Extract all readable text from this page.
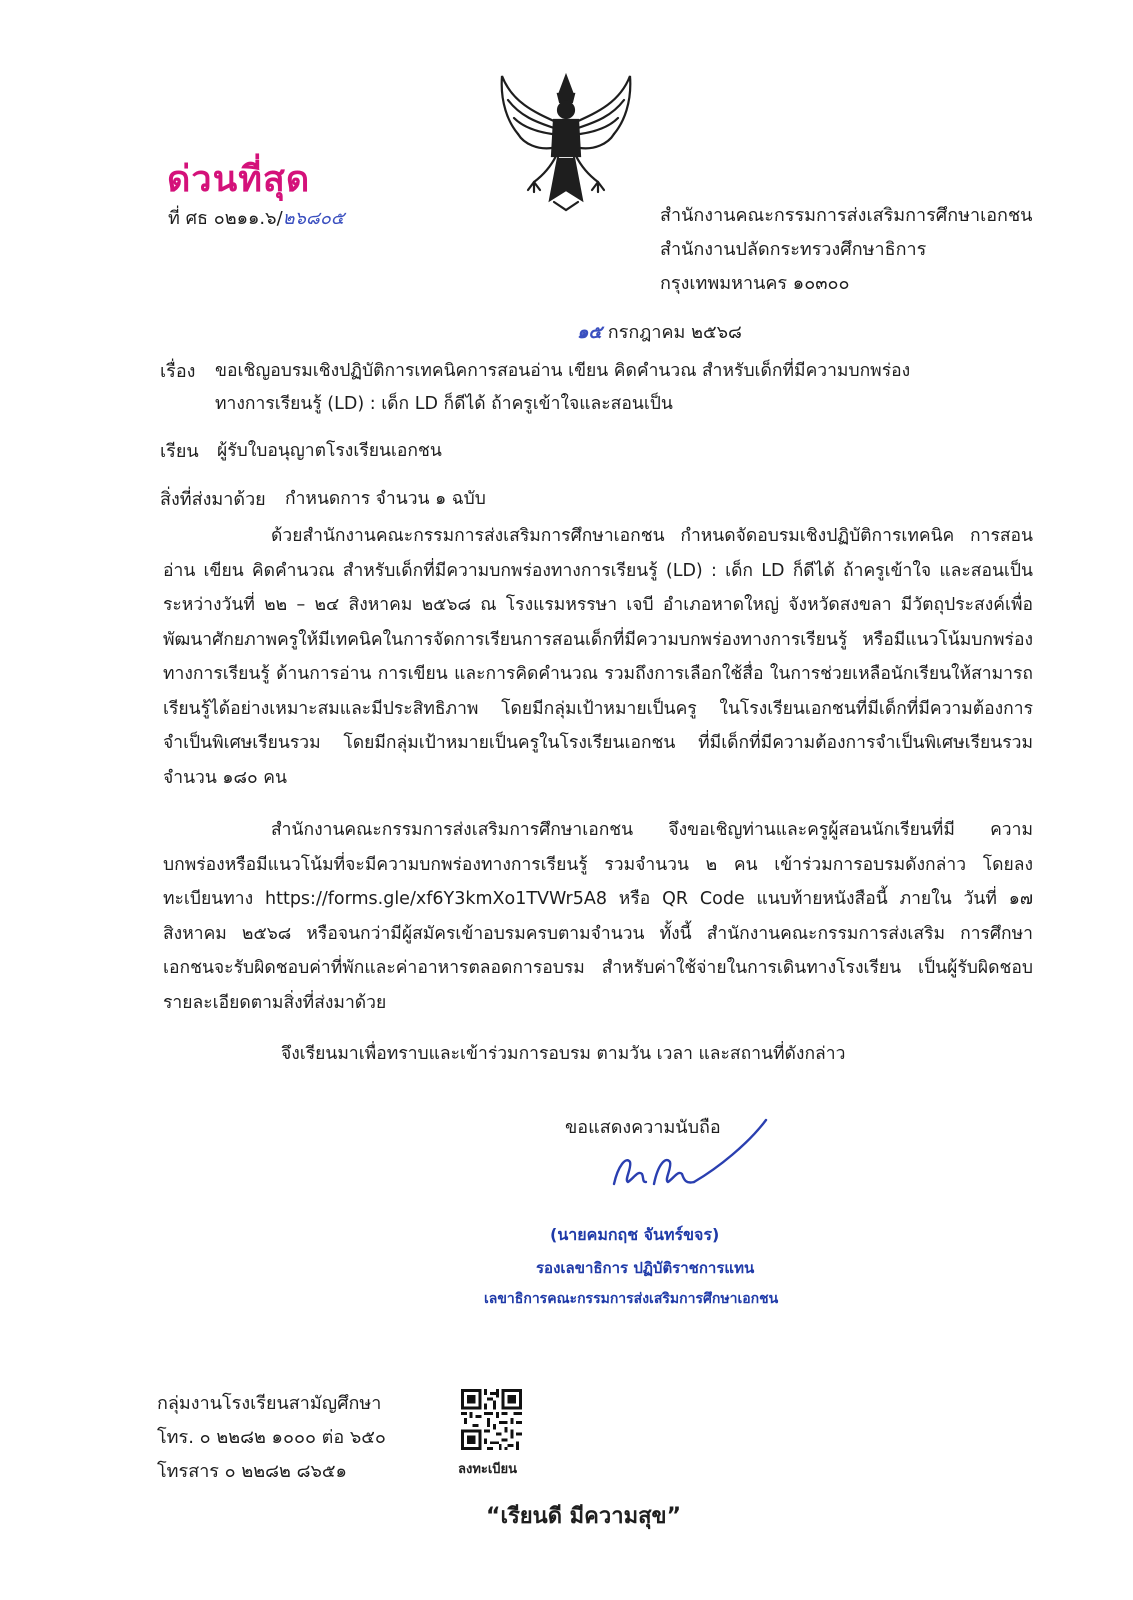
ด่วนที่สุด
ที่ ศธ ๐๒๑๑.๖/๒๖๘๐๕	สำนักงานคณะกรรมการส่งเสริมการศึกษาเอกชน
สำนักงานปลัดกระทรวงศึกษาธิการ
กรุงเทพมหานคร ๑๐๓๐๐
๑๕ กรกฎาคม ๒๕๖๘
เรื่อง ขอเชิญอบรมเชิงปฏิบัติการเทคนิคการสอนอ่าน เขียน คิดคำนวณ สำหรับเด็กที่มีความบกพร่อง
ทางการเรียนรู้ (LD) : เด็ก LD ก็ดีได้ ถ้าครูเข้าใจและสอนเป็น
เรียน ผู้รับใบอนุญาตโรงเรียนเอกชน
สิ่งที่ส่งมาด้วย กำหนดการ จำนวน ๑ ฉบับ
ด้วยสำนักงานคณะกรรมการส่งเสริมการศึกษาเอกชน กำหนดจัดอบรมเชิงปฏิบัติการเทคนิค การสอนอ่าน เขียน คิดคำนวณ สำหรับเด็กที่มีความบกพร่องทางการเรียนรู้ (LD) : เด็ก LD ก็ดีได้ ถ้าครูเข้าใจ และสอนเป็น ระหว่างวันที่ ๒๒ – ๒๔ สิงหาคม ๒๕๖๘ ณ โรงแรมหรรษา เจบี อำเภอหาดใหญ่ จังหวัดสงขลา มีวัตถุประสงค์เพื่อพัฒนาศักยภาพครูให้มีเทคนิคในการจัดการเรียนการสอนเด็กที่มีความบกพร่องทางการเรียนรู้ หรือมีแนวโน้มบกพร่องทางการเรียนรู้ ด้านการอ่าน การเขียน และการคิดคำนวณ รวมถึงการเลือกใช้สื่อ ในการช่วยเหลือนักเรียนให้สามารถเรียนรู้ได้อย่างเหมาะสมและมีประสิทธิภาพ โดยมีกลุ่มเป้าหมายเป็นครู ในโรงเรียนเอกชนที่มีเด็กที่มีความต้องการจำเป็นพิเศษเรียนรวม โดยมีกลุ่มเป้าหมายเป็นครูในโรงเรียนเอกชน ที่มีเด็กที่มีความต้องการจำเป็นพิเศษเรียนรวม จำนวน ๑๘๐ คน
สำนักงานคณะกรรมการส่งเสริมการศึกษาเอกชน จึงขอเชิญท่านและครูผู้สอนนักเรียนที่มี ความบกพร่องหรือมีแนวโน้มที่จะมีความบกพร่องทางการเรียนรู้ รวมจำนวน ๒ คน เข้าร่วมการอบรมดังกล่าว โดยลงทะเบียนทาง https://forms.gle/xf6Y3kmXo1TVWr5A8 หรือ QR Code แนบท้ายหนังสือนี้ ภายใน วันที่ ๑๗ สิงหาคม ๒๕๖๘ หรือจนกว่ามีผู้สมัครเข้าอบรมครบตามจำนวน ทั้งนี้ สำนักงานคณะกรรมการส่งเสริม การศึกษาเอกชนจะรับผิดชอบค่าที่พักและค่าอาหารตลอดการอบรม สำหรับค่าใช้จ่ายในการเดินทางโรงเรียน เป็นผู้รับผิดชอบ รายละเอียดตามสิ่งที่ส่งมาด้วย
จึงเรียนมาเพื่อทราบและเข้าร่วมการอบรม ตามวัน เวลา และสถานที่ดังกล่าว
ขอแสดงความนับถือ
(นายคมกฤช จันทร์ขจร)
รองเลขาธิการ ปฏิบัติราชการแทน
เลขาธิการคณะกรรมการส่งเสริมการศึกษาเอกชน
กลุ่มงานโรงเรียนสามัญศึกษา
โทร. ๐ ๒๒๘๒ ๑๐๐๐ ต่อ ๖๕๐
โทรสาร ๐ ๒๒๘๒ ๘๖๕๑	ลงทะเบียน
“เรียนดี มีความสุข”
